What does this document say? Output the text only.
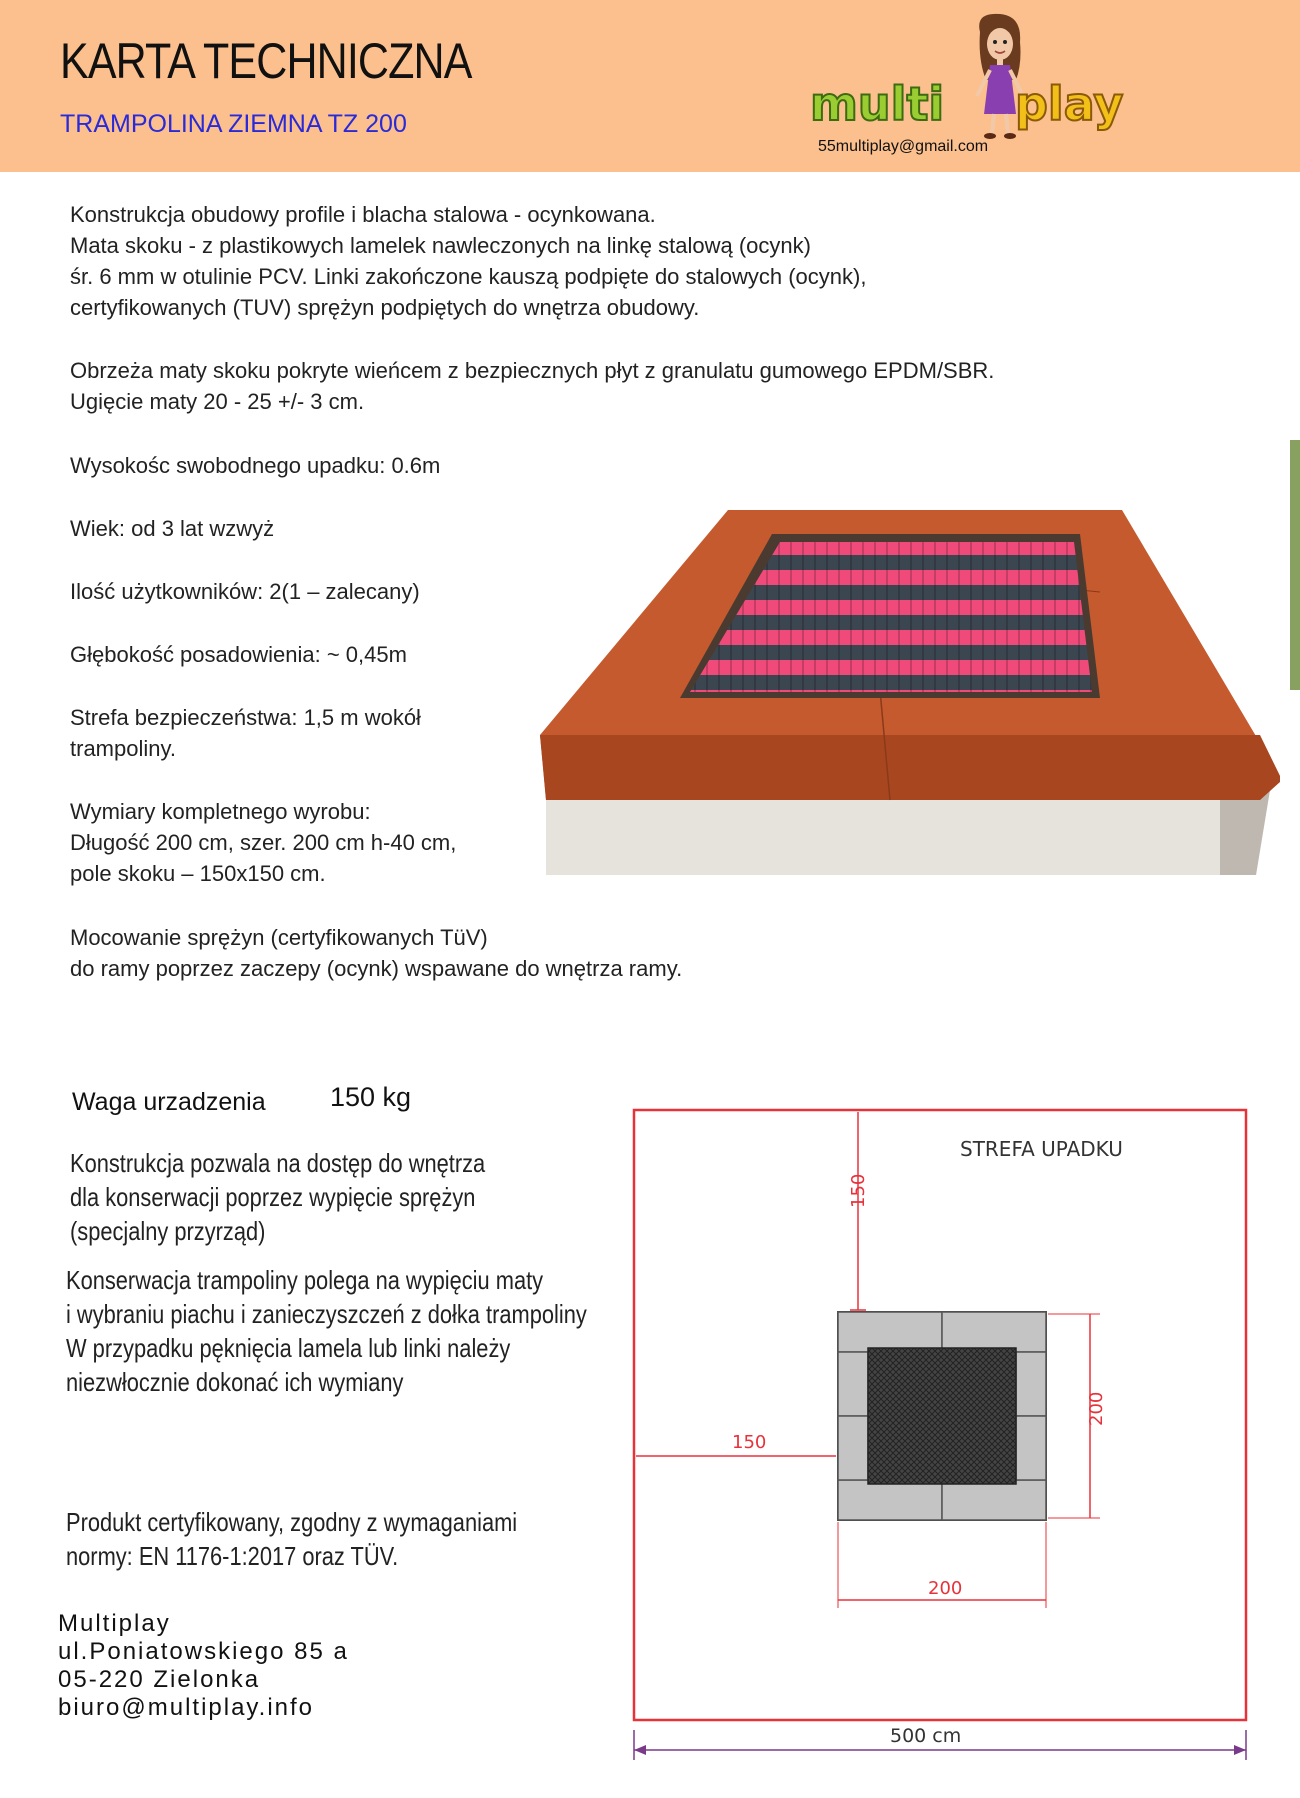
KARTA TECHNICZNA
TRAMPOLINA ZIEMNA TZ 200	multi play
55multiplay@gmail.com
Konstrukcja obudowy profile i blacha stalowa - ocynkowana.
Mata skoku - z plastikowych lamelek nawleczonych na linkę stalową (ocynk)
śr. 6 mm w otulinie PCV. Linki zakończone kauszą podpięte do stalowych (ocynk),
certyfikowanych (TUV) sprężyn podpiętych do wnętrza obudowy.
Obrzeża maty skoku pokryte wieńcem z bezpiecznych płyt z granulatu gumowego EPDM/SBR.
Ugięcie maty 20 - 25 +/- 3 cm.
Wysokośc swobodnego upadku: 0.6m
Wiek: od 3 lat wzwyż
Ilość użytkowników: 2(1 – zalecany)
Głębokość posadowienia: ~ 0,45m
Strefa bezpieczeństwa: 1,5 m wokół
trampoliny.
Wymiary kompletnego wyrobu:
Długość 200 cm, szer. 200 cm h-40 cm,
pole skoku – 150x150 cm.
Mocowanie sprężyn (certyfikowanych TüV)
do ramy poprzez zaczepy (ocynk) wspawane do wnętrza ramy.
Waga urzadzenia 150 kg
Konstrukcja pozwala na dostęp do wnętrza
dla konserwacji poprzez wypięcie sprężyn
(specjalny przyrząd)
Konserwacja trampoliny polega na wypięciu maty
i wybraniu piachu i zanieczyszczeń z dołka trampoliny
W przypadku pęknięcia lamela lub linki należy
niezwłocznie dokonać ich wymiany
Produkt certyfikowany, zgodny z wymaganiami
normy: EN 1176-1:2017 oraz TÜV.
Multiplay
ul.Poniatowskiego 85 a
05-220 Zielonka
biuro@multiplay.info
STREFA UPADKU
150
150
200
200
500 cm
